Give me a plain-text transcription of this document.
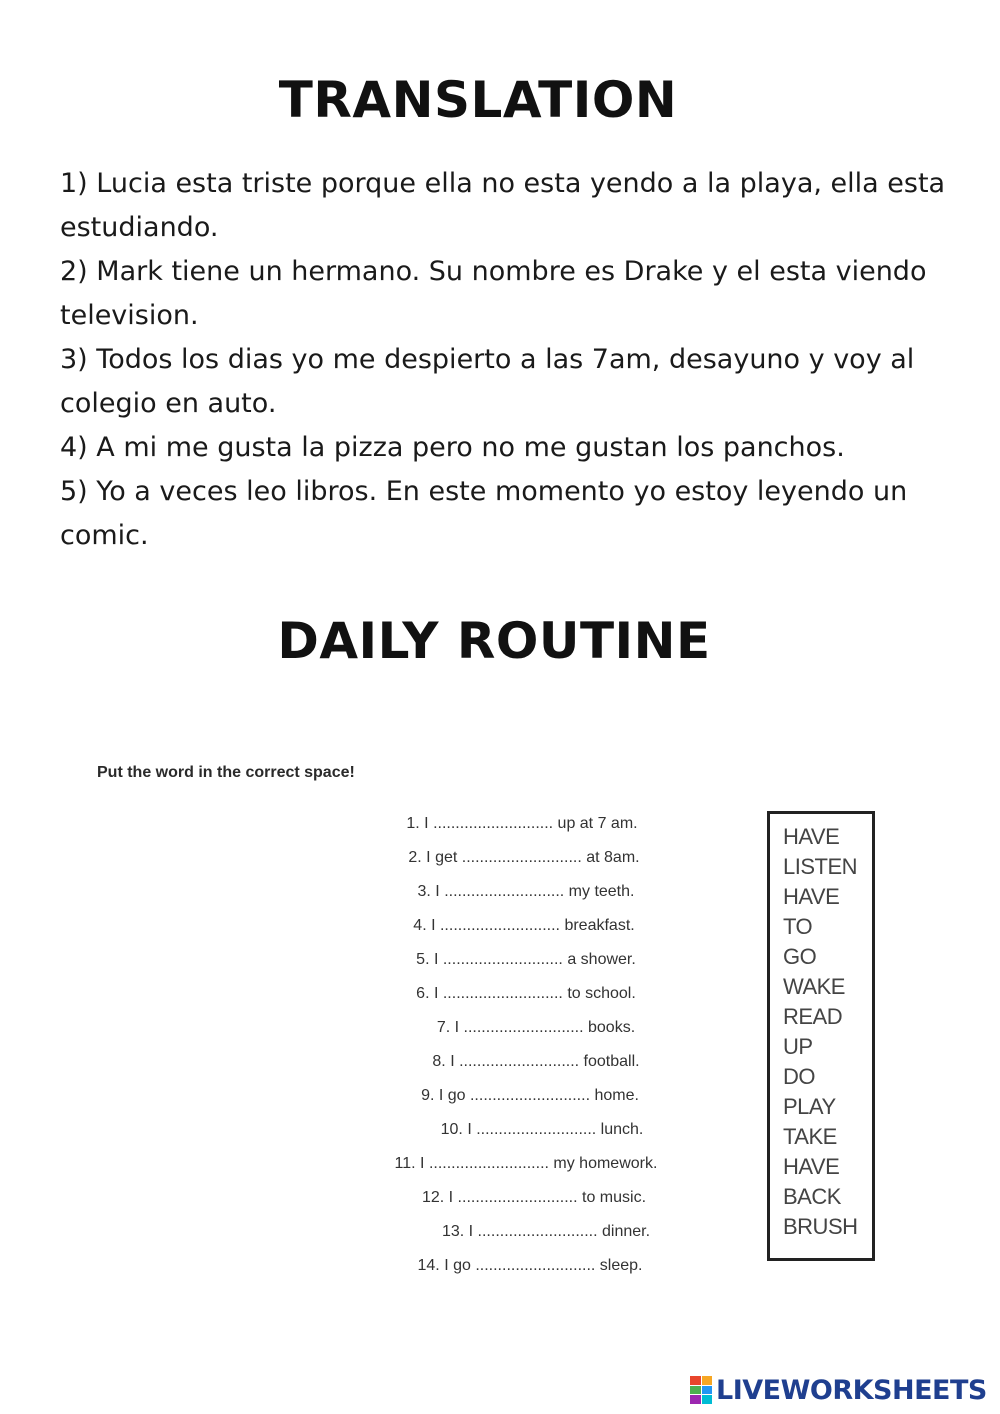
TRANSLATION

1) Lucia esta triste porque ella no esta yendo a la playa, ella esta estudiando.

2) Mark tiene un hermano. Su nombre es Drake y el esta viendo television.

3) Todos los dias yo me despierto a las 7am, desayuno y voy al colegio en auto.

4) A mi me gusta la pizza pero no me gustan los panchos.

5) Yo a veces leo libros. En este momento yo estoy leyendo un comic.

DAILY ROUTINE
Put the word in the correct space!
1. I ........................... up at 7 am.
2. I get ........................... at 8am.
3. I ........................... my teeth.
4. I ........................... breakfast.
5. I ........................... a shower.
6. I ........................... to school.
7. I ........................... books.
8. I ........................... football.
9. I go ........................... home.
10. I ........................... lunch.
11. I ........................... my homework.
12. I ........................... to music.
13. I ........................... dinner.
14. I go ........................... sleep.
HAVE
LISTEN
HAVE
TO
GO
WAKE
READ
UP
DO
PLAY
TAKE
HAVE
BACK
BRUSH
LIVEWORKSHEETS
